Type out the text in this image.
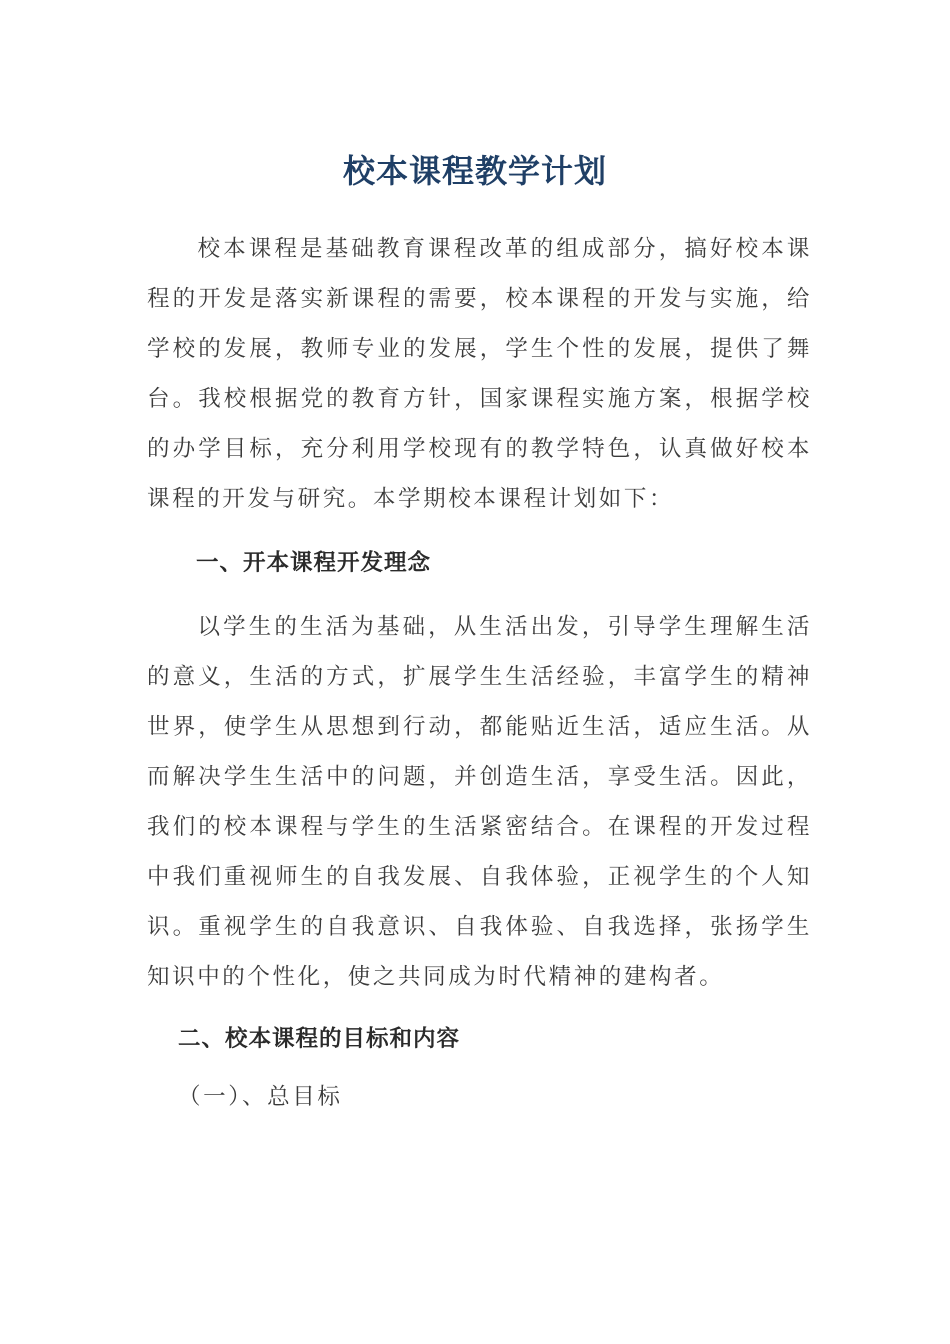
校本课程教学计划

校本课程是基础教育课程改革的组成部分，搞好校本课程的开发是落实新课程的需要，校本课程的开发与实施，给学校的发展，教师专业的发展，学生个性的发展，提供了舞台。我校根据党的教育方针，国家课程实施方案，根据学校的办学目标，充分利用学校现有的教学特色，认真做好校本课程的开发与研究。本学期校本课程计划如下：

一、开本课程开发理念

以学生的生活为基础，从生活出发，引导学生理解生活的意义，生活的方式，扩展学生生活经验，丰富学生的精神世界，使学生从思想到行动，都能贴近生活，适应生活。从而解决学生生活中的问题，并创造生活，享受生活。因此，我们的校本课程与学生的生活紧密结合。在课程的开发过程中我们重视师生的自我发展、自我体验，正视学生的个人知识。重视学生的自我意识、自我体验、自我选择，张扬学生知识中的个性化，使之共同成为时代精神的建构者。

二、校本课程的目标和内容

（一）、总目标
